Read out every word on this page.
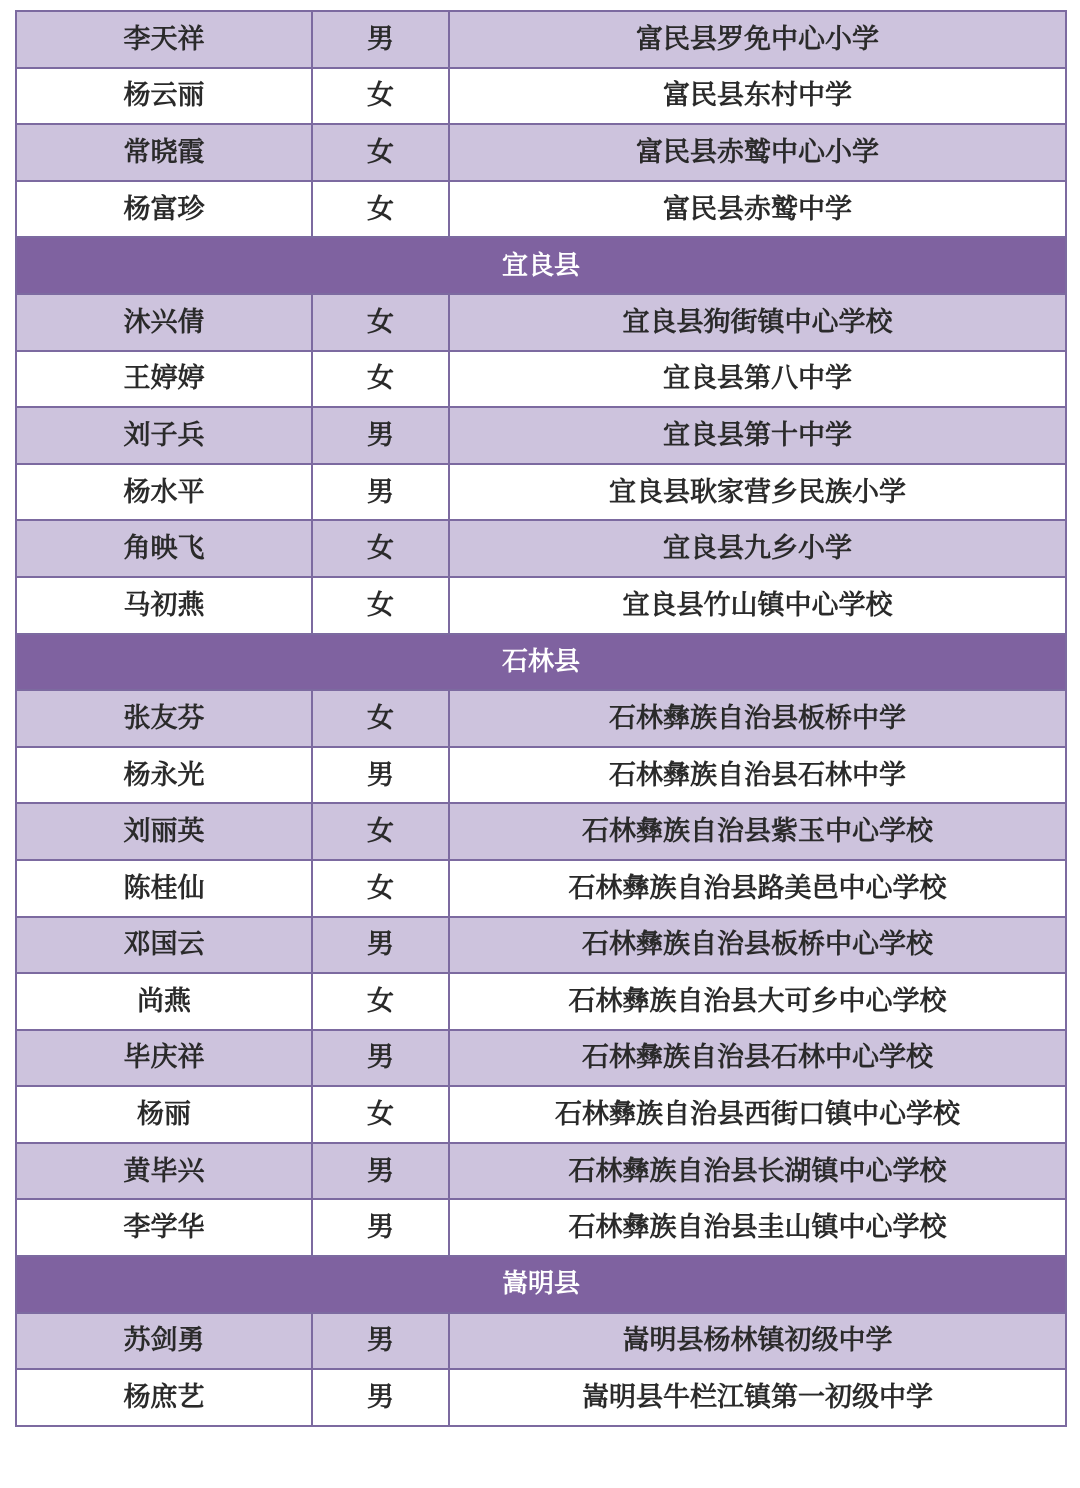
李天祥	男	富民县罗免中心小学
杨云丽	女	富民县东村中学
常晓霞	女	富民县赤鹫中心小学
杨富珍	女	富民县赤鹫中学
宜良县		
沐兴倩	女	宜良县狗街镇中心学校
王婷婷	女	宜良县第八中学
刘子兵	男	宜良县第十中学
杨水平	男	宜良县耿家营乡民族小学
角映飞	女	宜良县九乡小学
马初燕	女	宜良县竹山镇中心学校
石林县		
张友芬	女	石林彝族自治县板桥中学
杨永光	男	石林彝族自治县石林中学
刘丽英	女	石林彝族自治县紫玉中心学校
陈桂仙	女	石林彝族自治县路美邑中心学校
邓国云	男	石林彝族自治县板桥中心学校
尚燕	女	石林彝族自治县大可乡中心学校
毕庆祥	男	石林彝族自治县石林中心学校
杨丽	女	石林彝族自治县西街口镇中心学校
黄毕兴	男	石林彝族自治县长湖镇中心学校
李学华	男	石林彝族自治县圭山镇中心学校
嵩明县		
苏剑勇	男	嵩明县杨林镇初级中学
杨庶艺	男	嵩明县牛栏江镇第一初级中学
